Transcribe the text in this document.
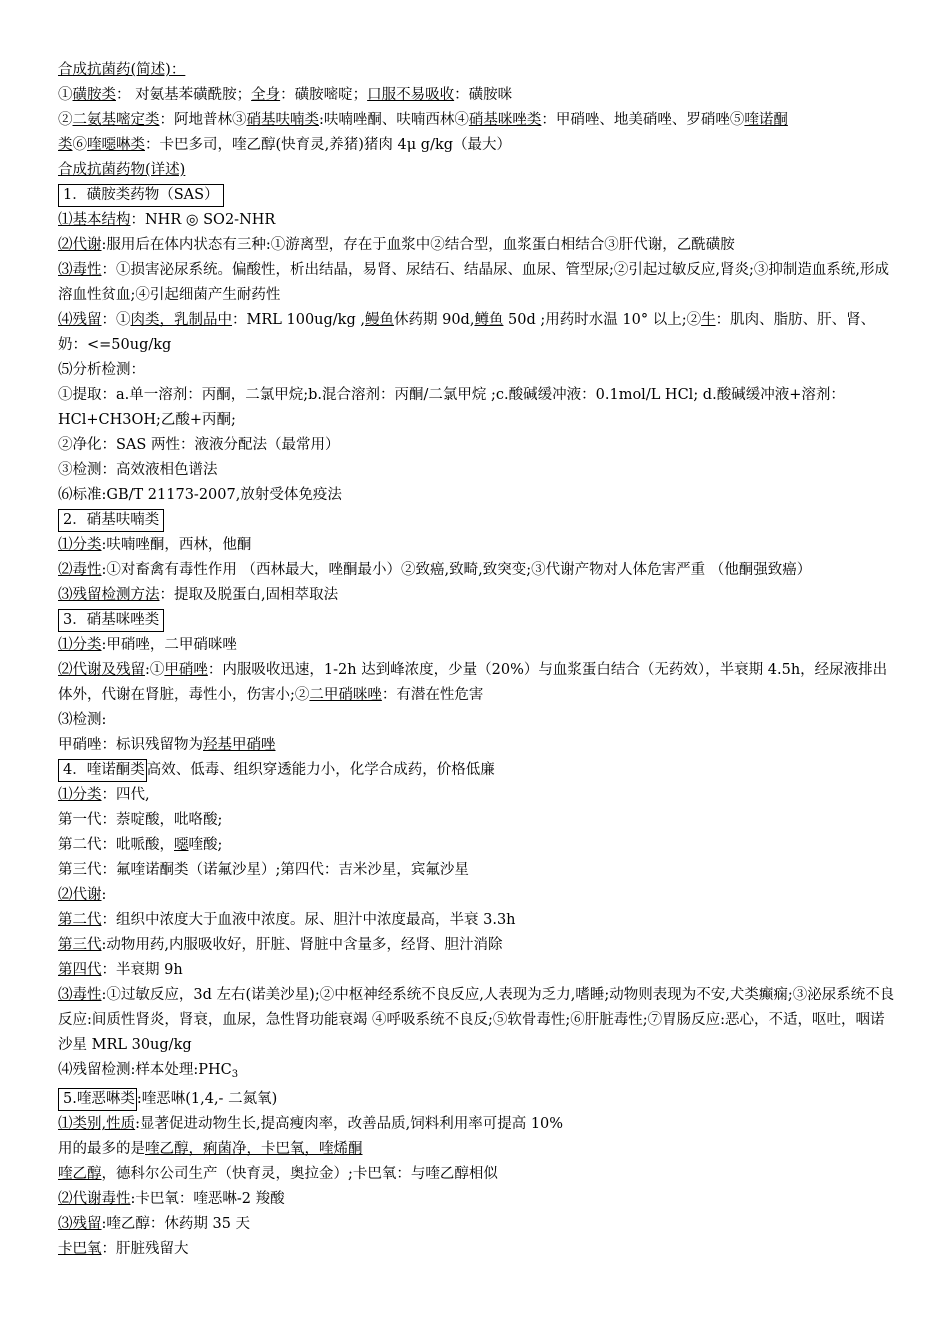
合成抗菌药(简述)：
①磺胺类： 对氨基苯磺酰胺；全身：磺胺嘧啶；口服不易吸收：磺胺咪
②二氨基嘧定类：阿地普林③硝基呋喃类:呋喃唑酮、呋喃西林④硝基咪唑类：甲硝唑、地美硝唑、罗硝唑⑤喹诺酮
类⑥喹噁啉类：卡巴多司，喹乙醇(快育灵,养猪)猪肉 4μ g/kg（最大）
合成抗菌药物(详述)
1．磺胺类药物（SAS）
⑴基本结构：NHR ◎ SO2-NHR
⑵代谢:服用后在体内状态有三种:①游离型，存在于血浆中②结合型，血浆蛋白相结合③肝代谢，乙酰磺胺
⑶毒性：①损害泌尿系统。偏酸性，析出结晶，易肾、尿结石、结晶尿、血尿、管型尿;②引起过敏反应,肾炎;③抑制造血系统,形成溶血性贫血;④引起细菌产生耐药性
⑷残留：①肉类，乳制品中：MRL 100ug/kg ,鳗鱼休药期 90d,鳟鱼 50d ;用药时水温 10° 以上;②牛：肌肉、脂肪、肝、肾、奶：<=50ug/kg
⑸分析检测：
①提取：a.单一溶剂：丙酮，二氯甲烷;b.混合溶剂：丙酮/二氯甲烷 ;c.酸碱缓冲液：0.1mol/L HCl; d.酸碱缓冲液+溶剂：HCl+CH3OH;乙酸+丙酮;
②净化：SAS 两性：液液分配法（最常用）
③检测：高效液相色谱法
⑹标准:GB/T 21173-2007,放射受体免疫法
2．硝基呋喃类
⑴分类:呋喃唑酮，西林，他酮
⑵毒性:①对畜禽有毒性作用 （西林最大，唑酮最小）②致癌,致畸,致突变;③代谢产物对人体危害严重 （他酮强致癌）
⑶残留检测方法：提取及脱蛋白,固相萃取法
3．硝基咪唑类
⑴分类:甲硝唑，二甲硝咪唑
⑵代谢及残留:①甲硝唑：内服吸收迅速，1-2h 达到峰浓度，少量（20%）与血浆蛋白结合（无药效），半衰期 4.5h，经尿液排出体外，代谢在肾脏，毒性小，伤害小;②二甲硝咪唑：有潜在性危害
⑶检测:
甲硝唑：标识残留物为羟基甲硝唑
4．喹诺酮类 高效、低毒、组织穿透能力小，化学合成药，价格低廉
⑴分类：四代,
第一代：萘啶酸，吡咯酸;
第二代：吡哌酸，噁喹酸;
第三代：氟喹诺酮类（诺氟沙星）;第四代：吉米沙星，宾氟沙星
⑵代谢:
第二代：组织中浓度大于血液中浓度。尿、胆汁中浓度最高，半衰 3.3h
第三代:动物用药,内服吸收好，肝脏、肾脏中含量多，经肾、胆汁消除
第四代：半衰期 9h
⑶毒性:①过敏反应，3d 左右(诺美沙星);②中枢神经系统不良反应,人表现为乏力,嗜睡;动物则表现为不安,犬类癫痫;③泌尿系统不良反应:间质性肾炎，肾衰，血尿，急性肾功能衰竭 ④呼吸系统不良反;⑤软骨毒性;⑥肝脏毒性;⑦胃肠反应:恶心，不适，呕吐，咽诺沙星 MRL 30ug/kg
⑷残留检测:样本处理$:PHC_3$
5.喹恶啉类 :喹恶啉(1,4,- 二氮氧)
⑴类别,性质:显著促进动物生长,提高瘦肉率，改善品质,饲料利用率可提高 10%
用的最多的是喹乙醇，痢菌净，卡巴氧，喹烯酮
喹乙醇，德科尔公司生产（快育灵，奥拉金）;卡巴氧：与喹乙醇相似
⑵代谢毒性:卡巴氧：喹恶啉-2 羧酸
⑶残留:喹乙醇：休药期 35 天
卡巴氧：肝脏残留大
